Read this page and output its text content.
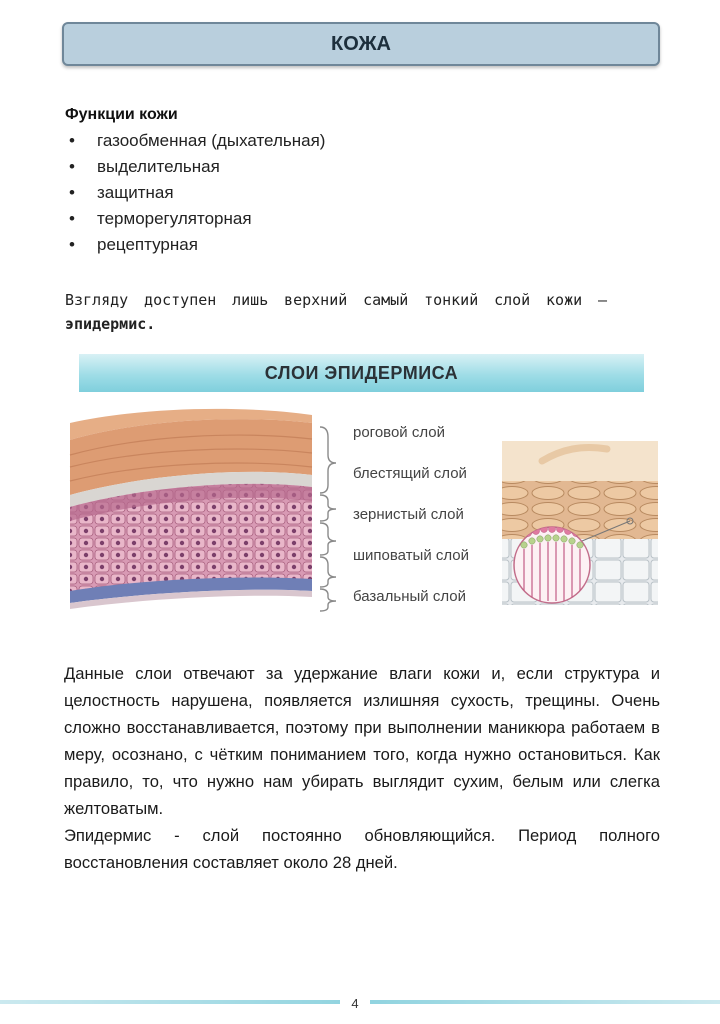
КОЖА
Функции кожи
• газообменная (дыхательная)
• выделительная
• защитная
• терморегуляторная
• рецептурная
Взгляду доступен лишь верхний самый тонкий слой кожи – эпидермис.
СЛОИ ЭПИДЕРМИСА
роговой слой
блестящий слой
зернистый слой
шиповатый слой
базальный слой

Данные слои отвечают за удержание влаги кожи и, если структура и целостность нарушена, появляется излишняя сухость, трещины. Очень сложно восстанавливается, поэтому при выполнении маникюра работаем в меру, осознано, с чётким пониманием того, когда нужно остановиться. Как правило, то, что нужно нам убирать выглядит сухим, белым или слегка желтоватым.

Эпидермис - слой постоянно обновляющийся. Период полного восстановления составляет около 28 дней.

4
